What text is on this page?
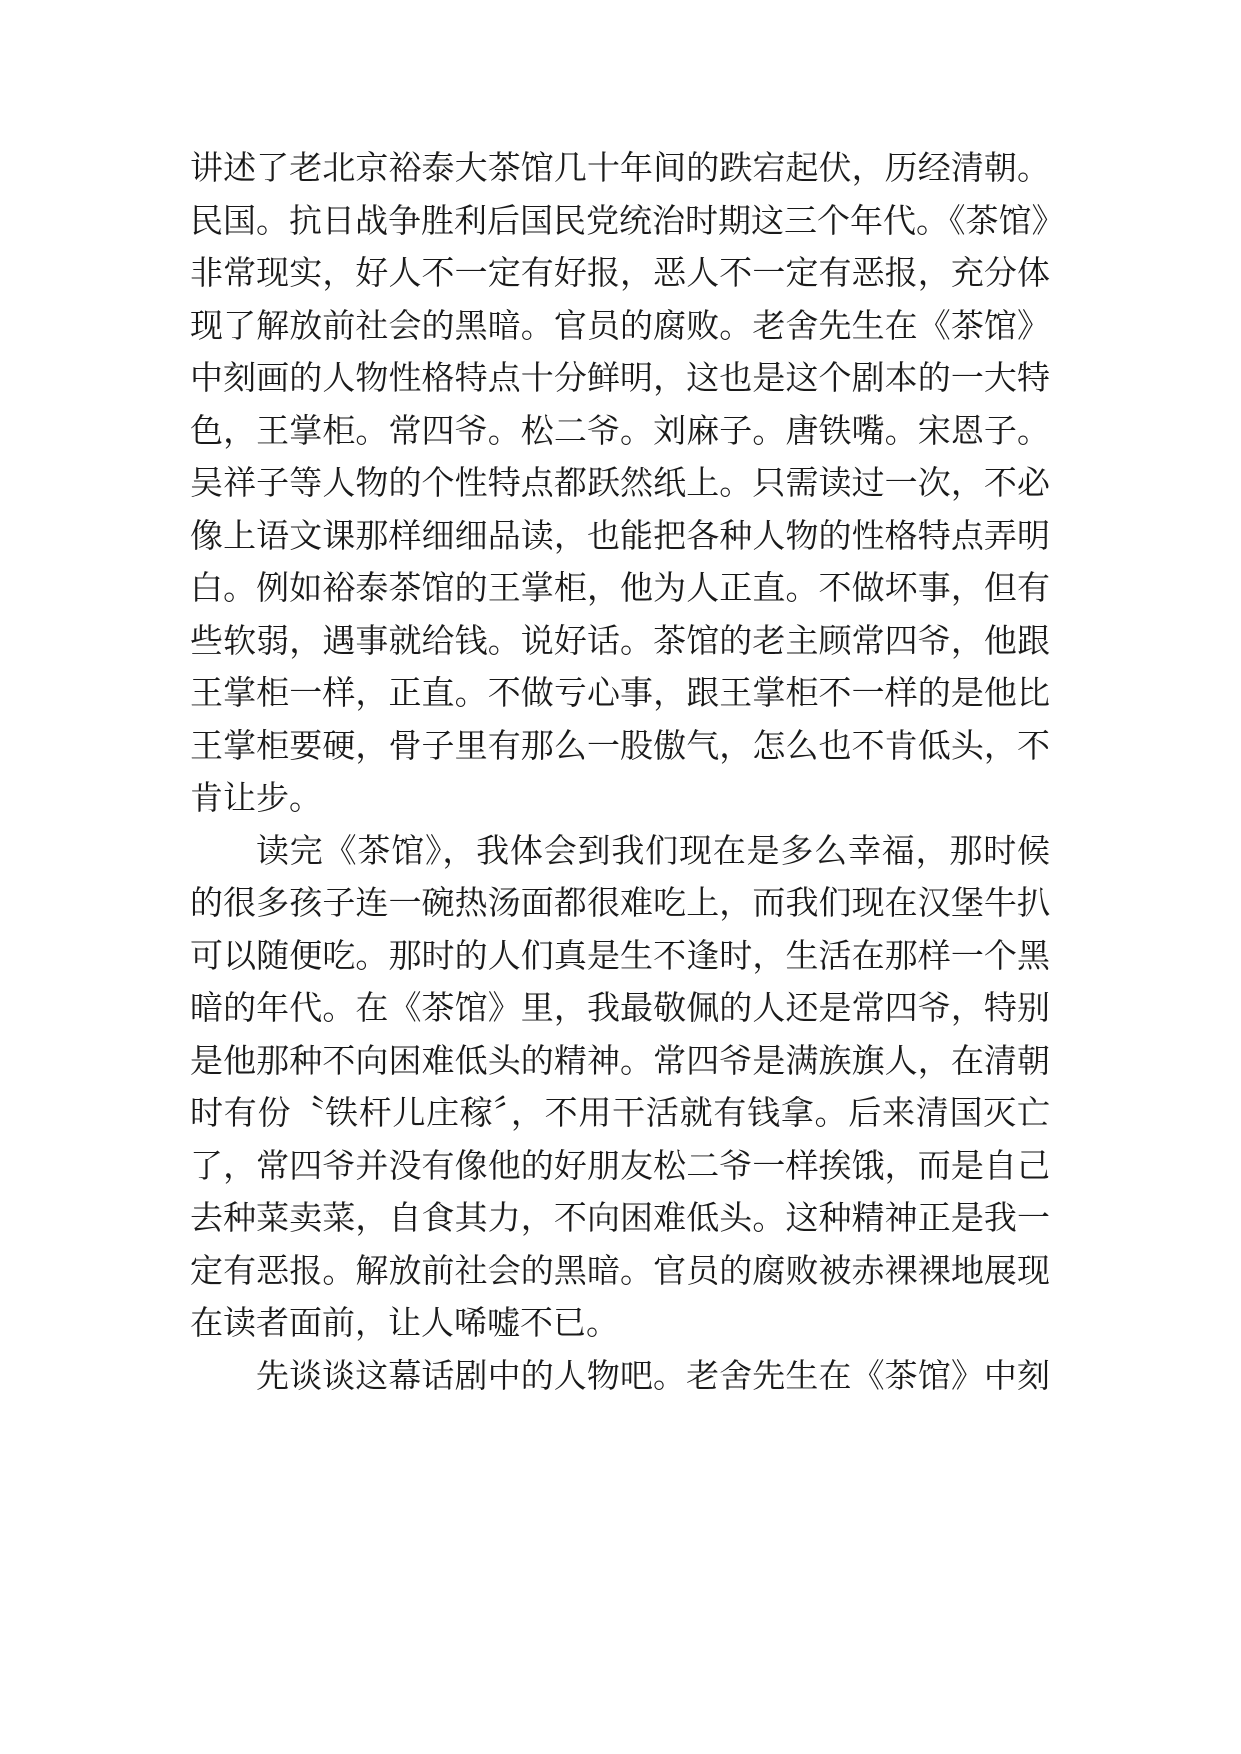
讲述了老北京裕泰大茶馆几十年间的跌宕起伏，历经清朝。
民国。抗日战争胜利后国民党统治时期这三个年代。《茶馆》
非常现实，好人不一定有好报，恶人不一定有恶报，充分体
现了解放前社会的黑暗。官员的腐败。老舍先生在《茶馆》
中刻画的人物性格特点十分鲜明，这也是这个剧本的一大特
色，王掌柜。常四爷。松二爷。刘麻子。唐铁嘴。宋恩子。
吴祥子等人物的个性特点都跃然纸上。只需读过一次，不必
像上语文课那样细细品读，也能把各种人物的性格特点弄明
白。例如裕泰茶馆的王掌柜，他为人正直。不做坏事，但有
些软弱，遇事就给钱。说好话。茶馆的老主顾常四爷，他跟
王掌柜一样，正直。不做亏心事，跟王掌柜不一样的是他比
王掌柜要硬，骨子里有那么一股傲气，怎么也不肯低头，不
肯让步。
读完《茶馆》，我体会到我们现在是多么幸福，那时候
的很多孩子连一碗热汤面都很难吃上，而我们现在汉堡牛扒
可以随便吃。那时的人们真是生不逢时，生活在那样一个黑
暗的年代。在《茶馆》里，我最敬佩的人还是常四爷，特别
是他那种不向困难低头的精神。常四爷是满族旗人，在清朝
时有份〝铁杆儿庄稼〞，不用干活就有钱拿。后来清国灭亡
了，常四爷并没有像他的好朋友松二爷一样挨饿，而是自己
去种菜卖菜，自食其力，不向困难低头。这种精神正是我一
定有恶报。解放前社会的黑暗。官员的腐败被赤裸裸地展现
在读者面前，让人唏嘘不已。
先谈谈这幕话剧中的人物吧。老舍先生在《茶馆》中刻
